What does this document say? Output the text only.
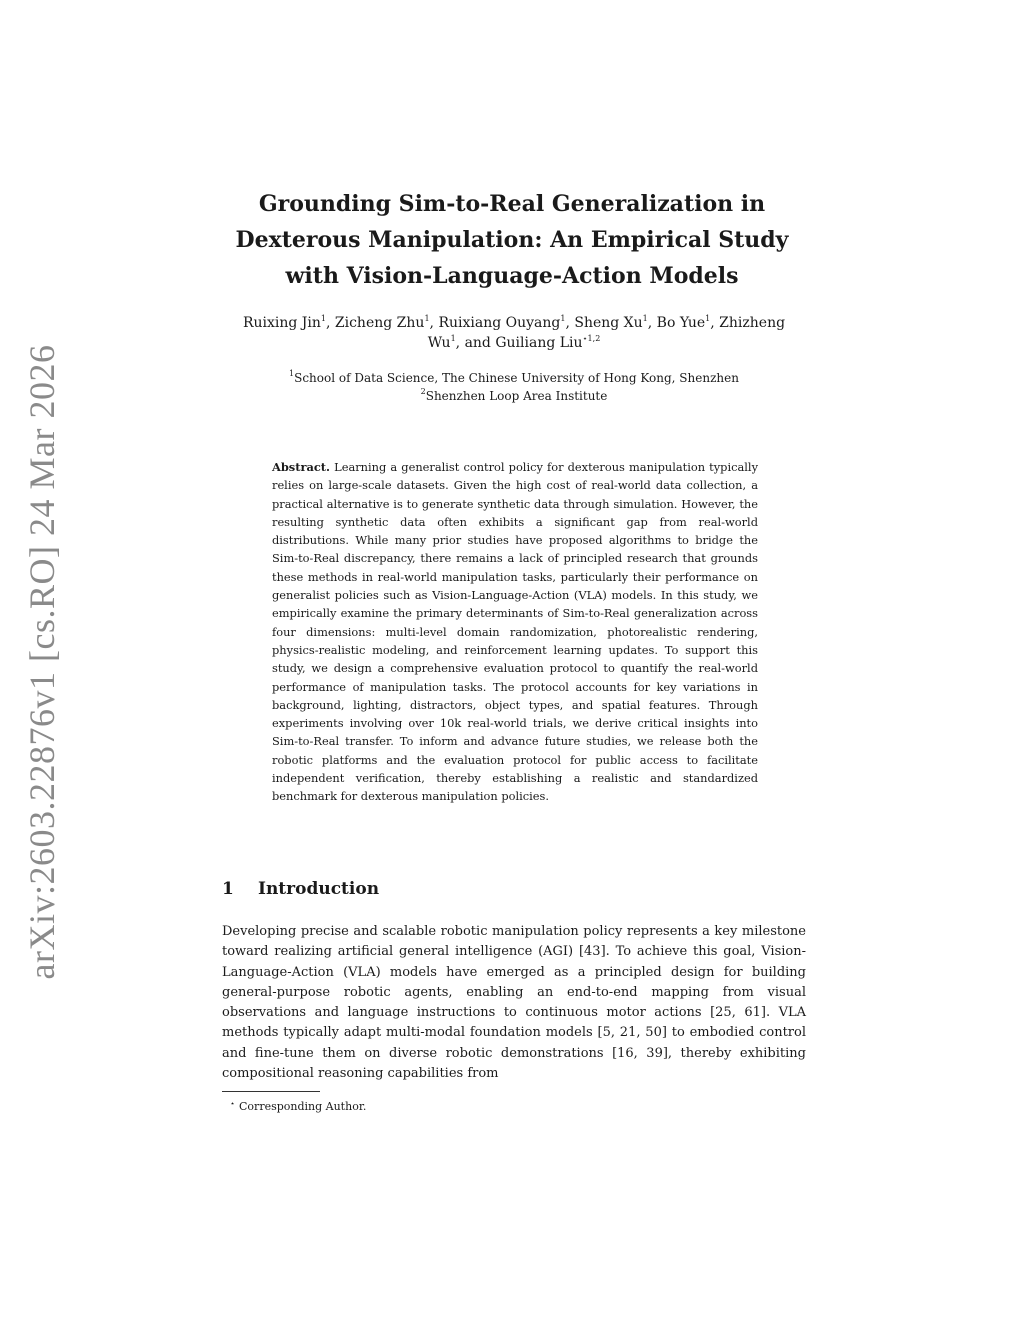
arXiv:2603.22876v1 [cs.RO] 24 Mar 2026
Grounding Sim-to-Real Generalization in
Dexterous Manipulation: An Empirical Study
with Vision-Language-Action Models
Ruixing Jin$^1$, Zicheng Zhu$^1$, Ruixiang Ouyang$^1$, Sheng Xu$^1$, Bo Yue$^1$, Zhizheng
Wu$^1$, and Guiliang Liu$^{⋆1,2}$
$^1$School of Data Science, The Chinese University of Hong Kong, Shenzhen
$^2$Shenzhen Loop Area Institute

Abstract. Learning a generalist control policy for dexterous manipulation typically relies on large-scale datasets. Given the high cost of real-world data collection, a practical alternative is to generate synthetic data through simulation. However, the resulting synthetic data often exhibits a significant gap from real-world distributions. While many prior studies have proposed algorithms to bridge the Sim-to-Real discrepancy, there remains a lack of principled research that grounds these methods in real-world manipulation tasks, particularly their performance on generalist policies such as Vision-Language-Action (VLA) models. In this study, we empirically examine the primary determinants of Sim-to-Real generalization across four dimensions: multi-level domain randomization, photorealistic rendering, physics-realistic modeling, and reinforcement learning updates. To support this study, we design a comprehensive evaluation protocol to quantify the real-world performance of manipulation tasks. The protocol accounts for key variations in background, lighting, distractors, object types, and spatial features. Through experiments involving over 10k real-world trials, we derive critical insights into Sim-to-Real transfer. To inform and advance future studies, we release both the robotic platforms and the evaluation protocol for public access to facilitate independent verification, thereby establishing a realistic and standardized benchmark for dexterous manipulation policies.

1 Introduction

Developing precise and scalable robotic manipulation policy represents a key milestone toward realizing artificial general intelligence (AGI) [43]. To achieve this goal, Vision-Language-Action (VLA) models have emerged as a principled design for building general-purpose robotic agents, enabling an end-to-end mapping from visual observations and language instructions to continuous motor actions [25, 61]. VLA methods typically adapt multi-modal foundation models [5, 21, 50] to embodied control and fine-tune them on diverse robotic demonstrations [16, 39], thereby exhibiting compositional reasoning capabilities from

⋆ Corresponding Author.
